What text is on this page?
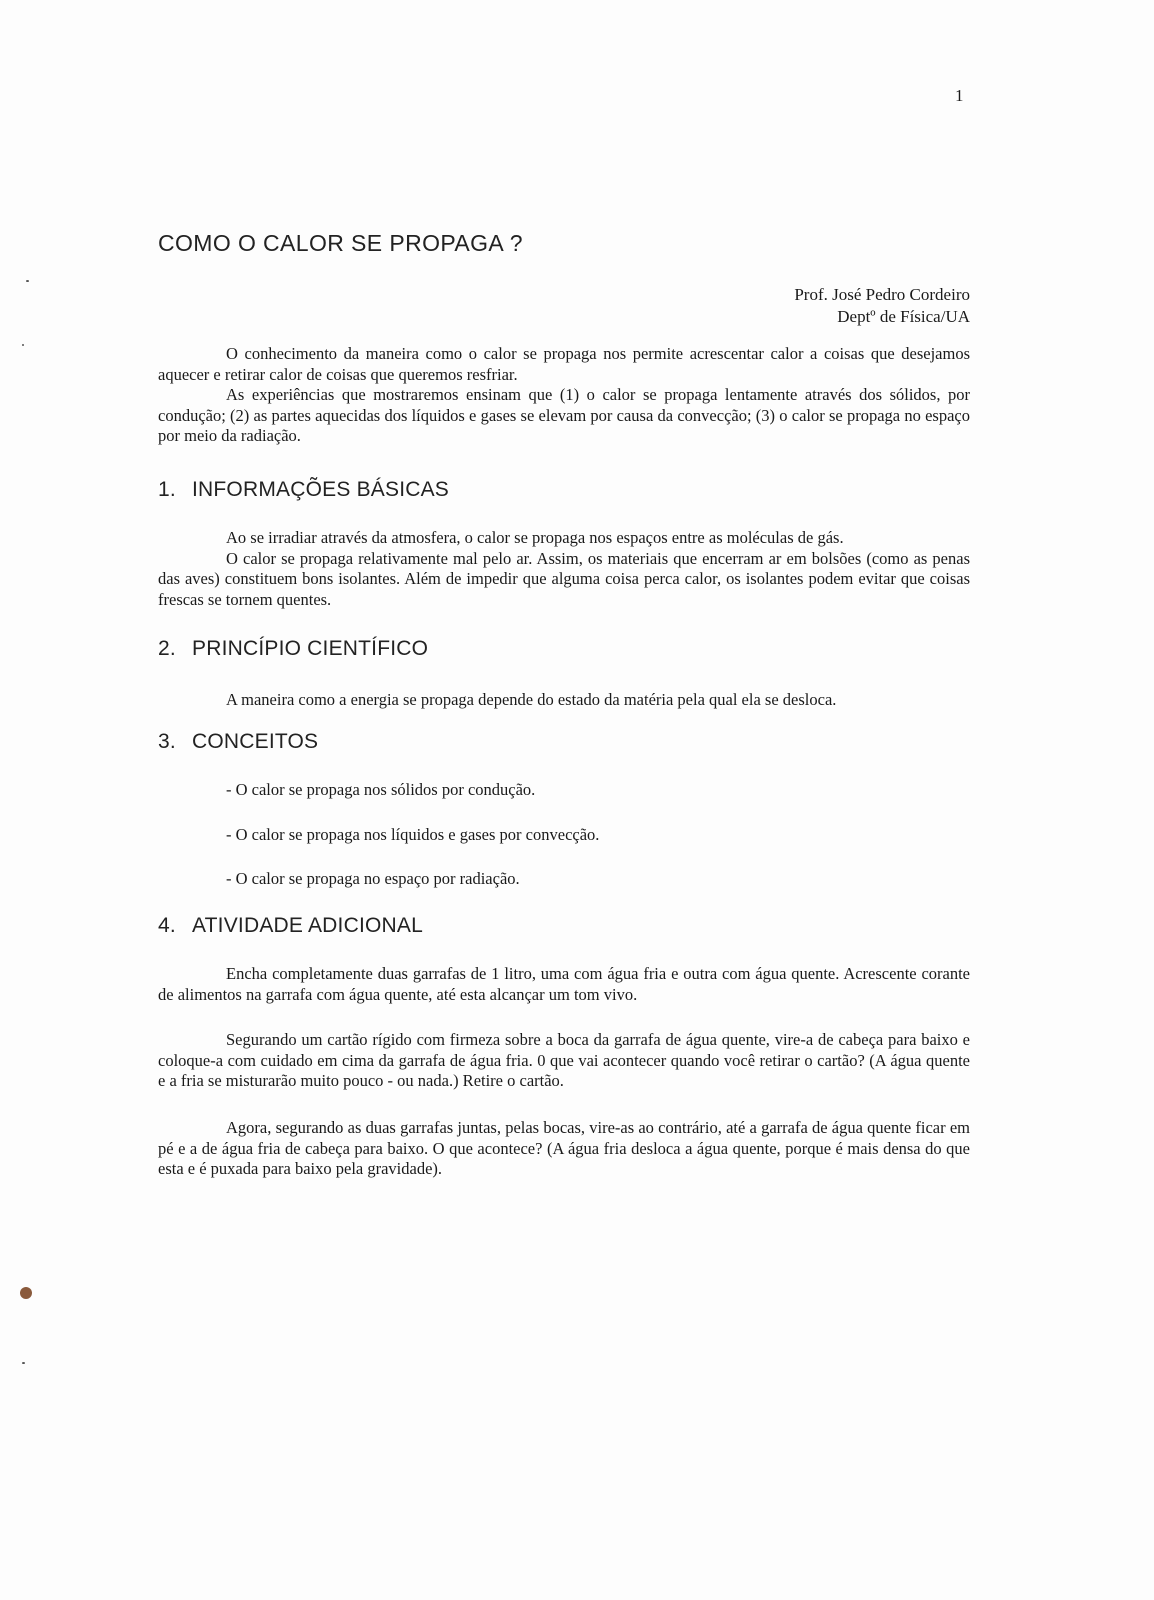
1
COMO O CALOR SE PROPAGA ?
Prof. José Pedro Cordeiro
Deptº de Física/UA

O conhecimento da maneira como o calor se propaga nos permite acrescentar calor a coisas que desejamos aquecer e retirar calor de coisas que queremos resfriar.

As experiências que mostraremos ensinam que (1) o calor se propaga lentamente através dos sólidos, por condução; (2) as partes aquecidas dos líquidos e gases se elevam por causa da convecção; (3) o calor se propaga no espaço por meio da radiação.

1. INFORMAÇÕES BÁSICAS

Ao se irradiar através da atmosfera, o calor se propaga nos espaços entre as moléculas de gás.

O calor se propaga relativamente mal pelo ar. Assim, os materiais que encerram ar em bolsões (como as penas das aves) constituem bons isolantes. Além de impedir que alguma coisa perca calor, os isolantes podem evitar que coisas frescas se tornem quentes.

2. PRINCÍPIO CIENTÍFICO

A maneira como a energia se propaga depende do estado da matéria pela qual ela se desloca.

3. CONCEITOS

- O calor se propaga nos sólidos por condução.

- O calor se propaga nos líquidos e gases por convecção.

- O calor se propaga no espaço por radiação.

4. ATIVIDADE ADICIONAL

Encha completamente duas garrafas de 1 litro, uma com água fria e outra com água quente. Acrescente corante de alimentos na garrafa com água quente, até esta alcançar um tom vivo.

Segurando um cartão rígido com firmeza sobre a boca da garrafa de água quente, vire-a de cabeça para baixo e coloque-a com cuidado em cima da garrafa de água fria. 0 que vai acontecer quando você retirar o cartão? (A água quente e a fria se misturarão muito pouco - ou nada.) Retire o cartão.

Agora, segurando as duas garrafas juntas, pelas bocas, vire-as ao contrário, até a garrafa de água quente ficar em pé e a de água fria de cabeça para baixo. O que acontece? (A água fria desloca a água quente, porque é mais densa do que esta e é puxada para baixo pela gravidade).
